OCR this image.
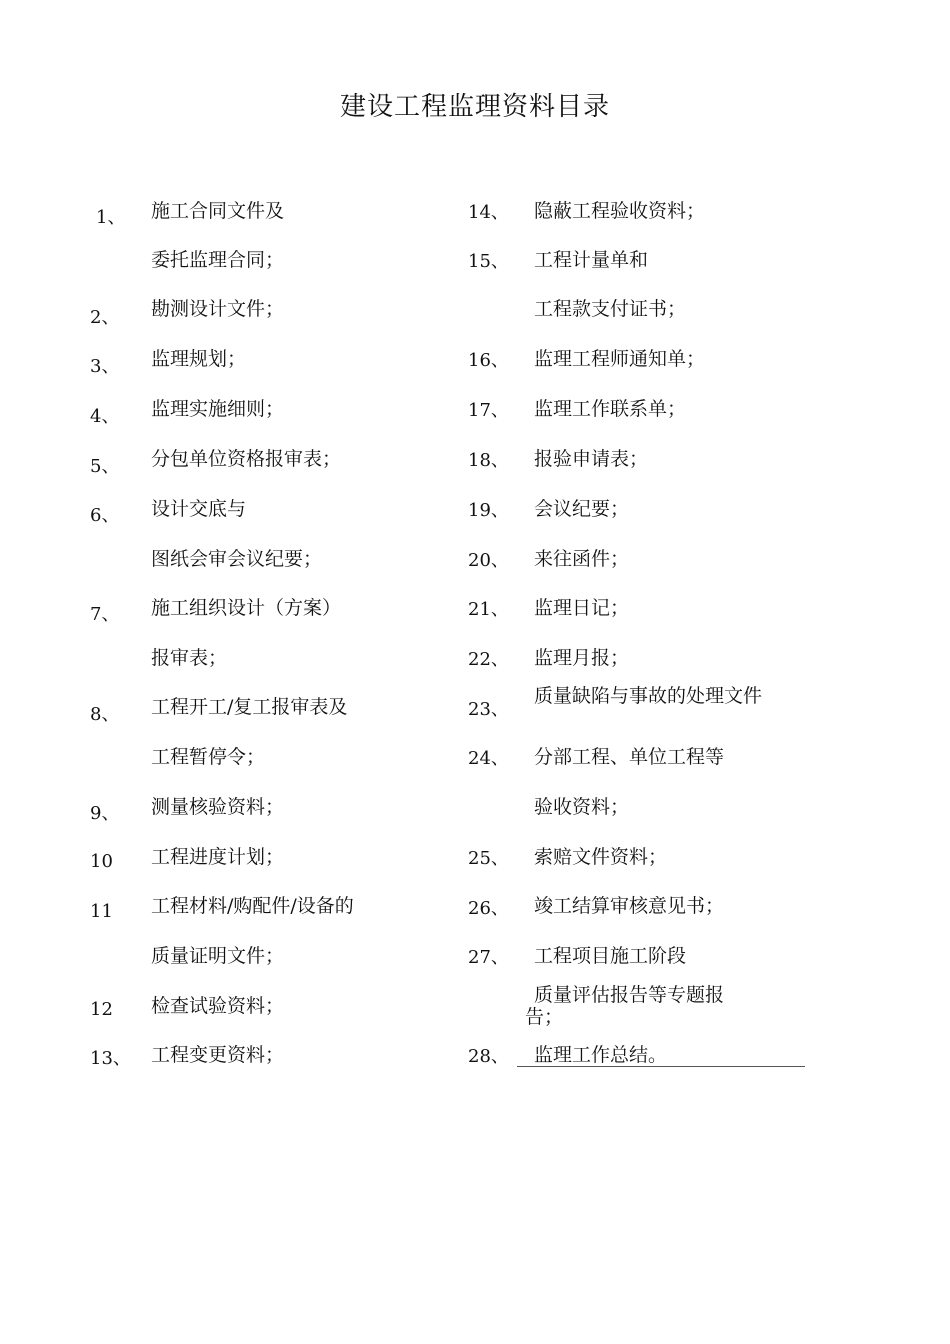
建设工程监理资料目录
1、 施工合同文件及
委托监理合同；
2、 勘测设计文件；
3、 监理规划；
4、 监理实施细则；
5、 分包单位资格报审表；
6、 设计交底与
图纸会审会议纪要；
7、 施工组织设计（方案）
报审表；
8、 工程开工/复工报审表及
工程暂停令；
9、 测量核验资料；
10 工程进度计划；
11 工程材料/购配件/设备的
质量证明文件；
12 检查试验资料；
13、 工程变更资料；
14、 隐蔽工程验收资料；
15、 工程计量单和
工程款支付证书；
16、 监理工程师通知单；
17、 监理工作联系单；
18、 报验申请表；
19、 会议纪要；
20、 来往函件；
21、 监理日记；
22、 监理月报；
23、
质量缺陷与事故的处理文件
24、 分部工程、单位工程等
验收资料；
25、 索赔文件资料；
26、 竣工结算审核意见书；
27、 工程项目施工阶段
质量评估报告等专题报告；
28、 监理工作总结。
